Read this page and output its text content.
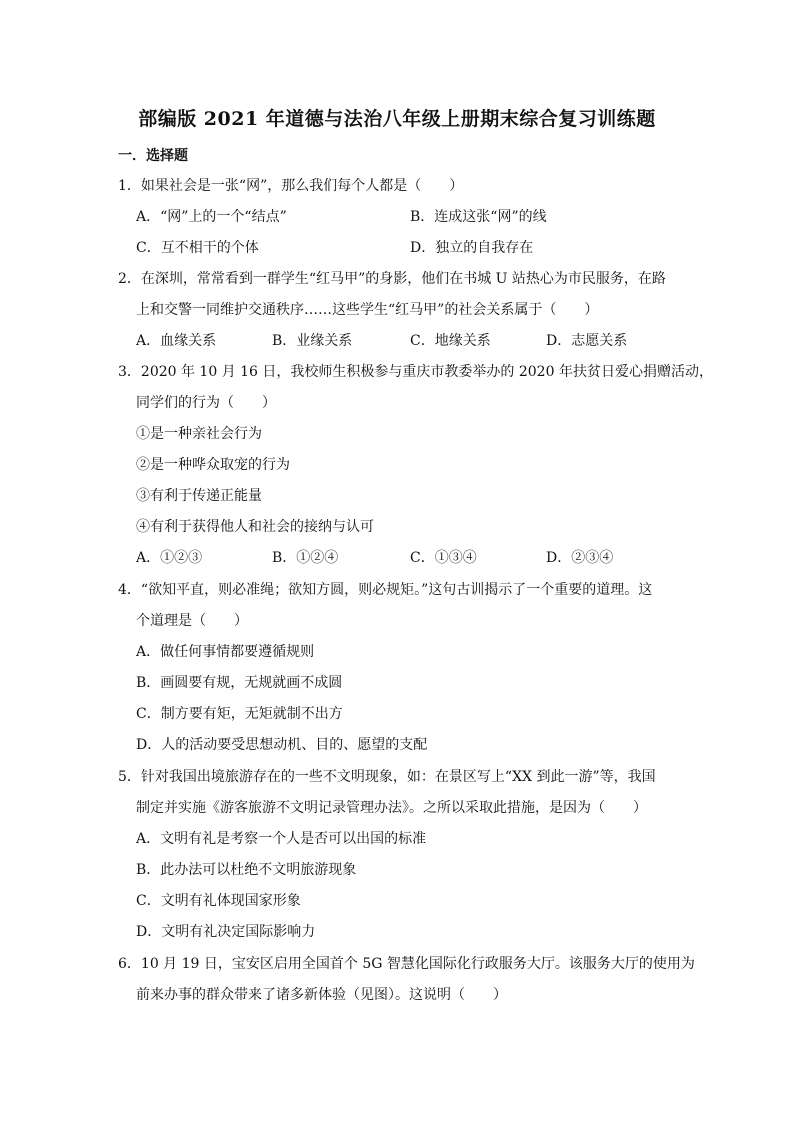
部编版 2021 年道德与法治八年级上册期末综合复习训练题
一．选择题
1．如果社会是一张“网”，那么我们每个人都是（　　）
A．“网”上的一个“结点”	B．连成这张“网”的线
C．互不相干的个体	D．独立的自我存在
2．在深圳，常常看到一群学生“红马甲”的身影，他们在书城 U 站热心为市民服务，在路
上和交警一同维护交通秩序……这些学生“红马甲”的社会关系属于（　　）
A．血缘关系	B．业缘关系	C．地缘关系	D．志愿关系
3．2020 年 10 月 16 日，我校师生积极参与重庆市教委举办的 2020 年扶贫日爱心捐赠活动，
同学们的行为（　　）
①是一种亲社会行为
②是一种哗众取宠的行为
③有利于传递正能量
④有利于获得他人和社会的接纳与认可
A．①②③	B．①②④	C．①③④	D．②③④
4．“欲知平直，则必准绳；欲知方圆，则必规矩。”这句古训揭示了一个重要的道理。这
个道理是（　　）
A．做任何事情都要遵循规则
B．画圆要有规，无规就画不成圆
C．制方要有矩，无矩就制不出方
D．人的活动要受思想动机、目的、愿望的支配
5．针对我国出境旅游存在的一些不文明现象，如：在景区写上“XX 到此一游”等，我国
制定并实施《游客旅游不文明记录管理办法》。之所以采取此措施，是因为（　　）
A．文明有礼是考察一个人是否可以出国的标准
B．此办法可以杜绝不文明旅游现象
C．文明有礼体现国家形象
D．文明有礼决定国际影响力
6．10 月 19 日，宝安区启用全国首个 5G 智慧化国际化行政服务大厅。该服务大厅的使用为
前来办事的群众带来了诸多新体验（见图）。这说明（　　）
